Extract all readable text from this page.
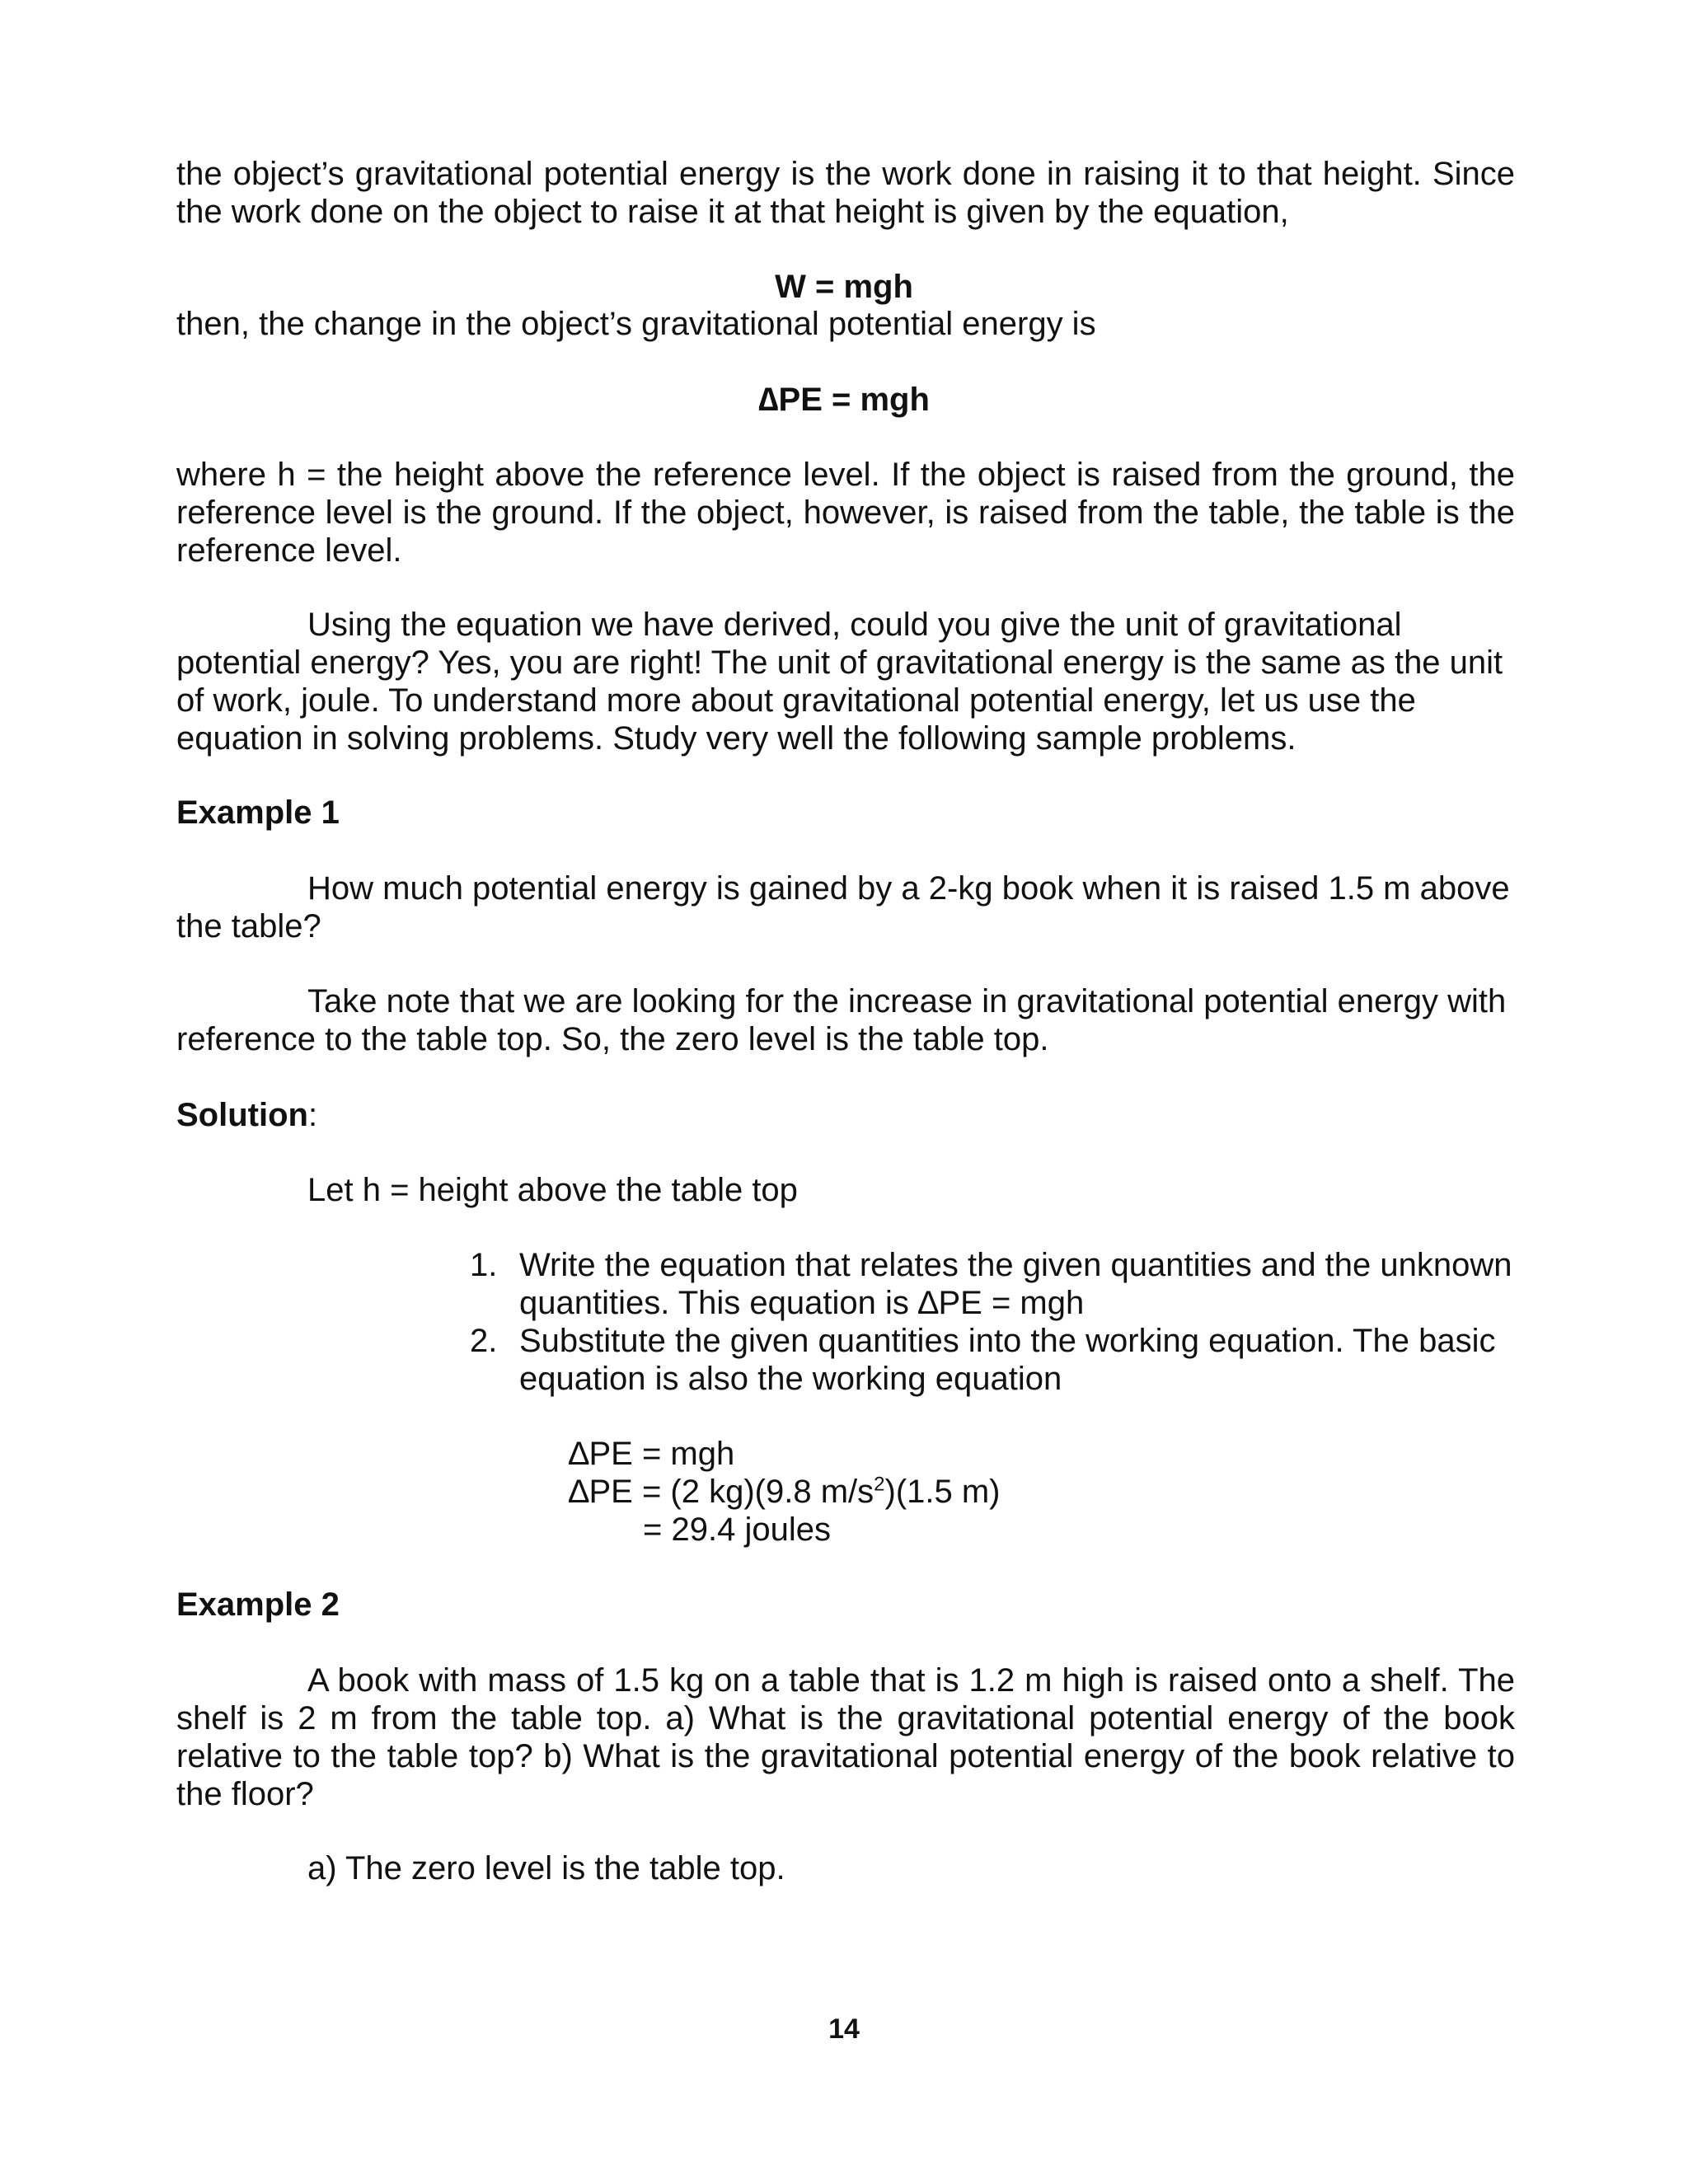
the object’s gravitational potential energy is the work done in raising it to that height. Since
the work done on the object to raise it at that height is given by the equation,

W = mgh

then, the change in the object’s gravitational potential energy is

∆PE = mgh

where h = the height above the reference level. If the object is raised from the ground, the
reference level is the ground. If the object, however, is raised from the table, the table is the
reference level.

Using the equation we have derived, could you give the unit of gravitational

potential energy? Yes, you are right! The unit of gravitational energy is the same as the unit

of work, joule. To understand more about gravitational potential energy, let us use the

equation in solving problems. Study very well the following sample problems.

Example 1

How much potential energy is gained by a 2-kg book when it is raised 1.5 m above

the table?

Take note that we are looking for the increase in gravitational potential energy with

reference to the table top. So, the zero level is the table top.

Solution:

Let h = height above the table top

1. Write the equation that relates the given quantities and the unknown

quantities. This equation is ∆PE = mgh

2. Substitute the given quantities into the working equation. The basic

equation is also the working equation

∆PE = mgh

∆PE = (2 kg)(9.8 $m/s^2)(1.5$ m)

= 29.4 joules

Example 2

A book with mass of 1.5 kg on a table that is 1.2 m high is raised onto a shelf. The
shelf is 2 m from the table top. a) What is the gravitational potential energy of the book
relative to the table top? b) What is the gravitational potential energy of the book relative to
the floor?

a) The zero level is the table top.

14
